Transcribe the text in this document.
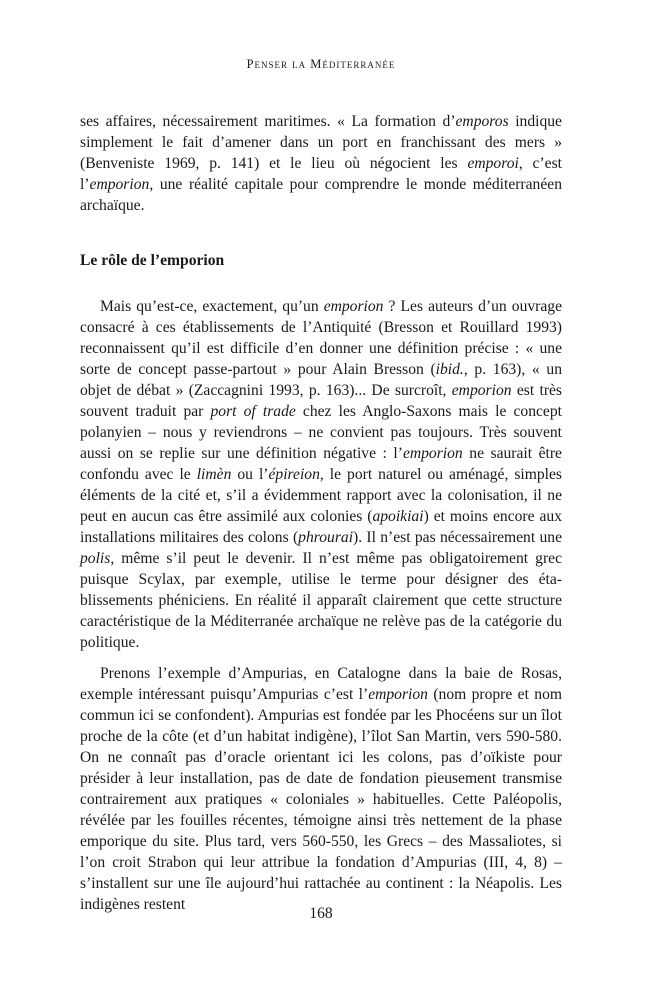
Penser la Méditerranée

ses affaires, nécessairement maritimes. « La formation d’emporos indique simplement le fait d’amener dans un port en franchissant des mers » (Benveniste 1969, p. 141) et le lieu où négocient les emporoi, c’est l’emporion, une réalité capitale pour comprendre le monde méditerranéen archaïque.

Le rôle de l’emporion

Mais qu’est-ce, exactement, qu’un emporion ? Les auteurs d’un ouvrage consacré à ces établissements de l’Antiquité (Bresson et Rouillard 1993) reconnaissent qu’il est difficile d’en donner une définition précise : « une sorte de concept passe-partout » pour Alain Bresson (ibid., p. 163), « un objet de débat » (Zaccagnini 1993, p. 163)... De surcroît, emporion est très souvent traduit par port of trade chez les Anglo-Saxons mais le concept polanyien – nous y reviendrons – ne convient pas toujours. Très souvent aussi on se replie sur une définition négative : l’emporion ne saurait être confondu avec le limèn ou l’épireion, le port naturel ou aménagé, simples éléments de la cité et, s’il a évidemment rapport avec la colonisation, il ne peut en aucun cas être assimilé aux colonies (apoikiai) et moins encore aux installations militaires des colons (phrourai). Il n’est pas nécessairement une polis, même s’il peut le devenir. Il n’est même pas obligatoirement grec puisque Scylax, par exemple, utilise le terme pour désigner des établissements phéniciens. En réalité il apparaît clairement que cette structure caractéristique de la Méditerranée archaïque ne relève pas de la catégorie du politique.

Prenons l’exemple d’Ampurias, en Catalogne dans la baie de Rosas, exemple intéressant puisqu’Ampurias c’est l’emporion (nom propre et nom commun ici se confondent). Ampurias est fondée par les Phocéens sur un îlot proche de la côte (et d’un habitat indigène), l’îlot San Martin, vers 590-580. On ne connaît pas d’oracle orientant ici les colons, pas d’oïkiste pour présider à leur installation, pas de date de fondation pieusement transmise contrairement aux pratiques « coloniales » habituelles. Cette Paléopolis, révélée par les fouilles récentes, témoigne ainsi très nettement de la phase emporique du site. Plus tard, vers 560-550, les Grecs – des Massaliotes, si l’on croit Strabon qui leur attribue la fondation d’Ampurias (III, 4, 8) – s’installent sur une île aujourd’hui rattachée au continent : la Néapolis. Les indigènes restent

168
